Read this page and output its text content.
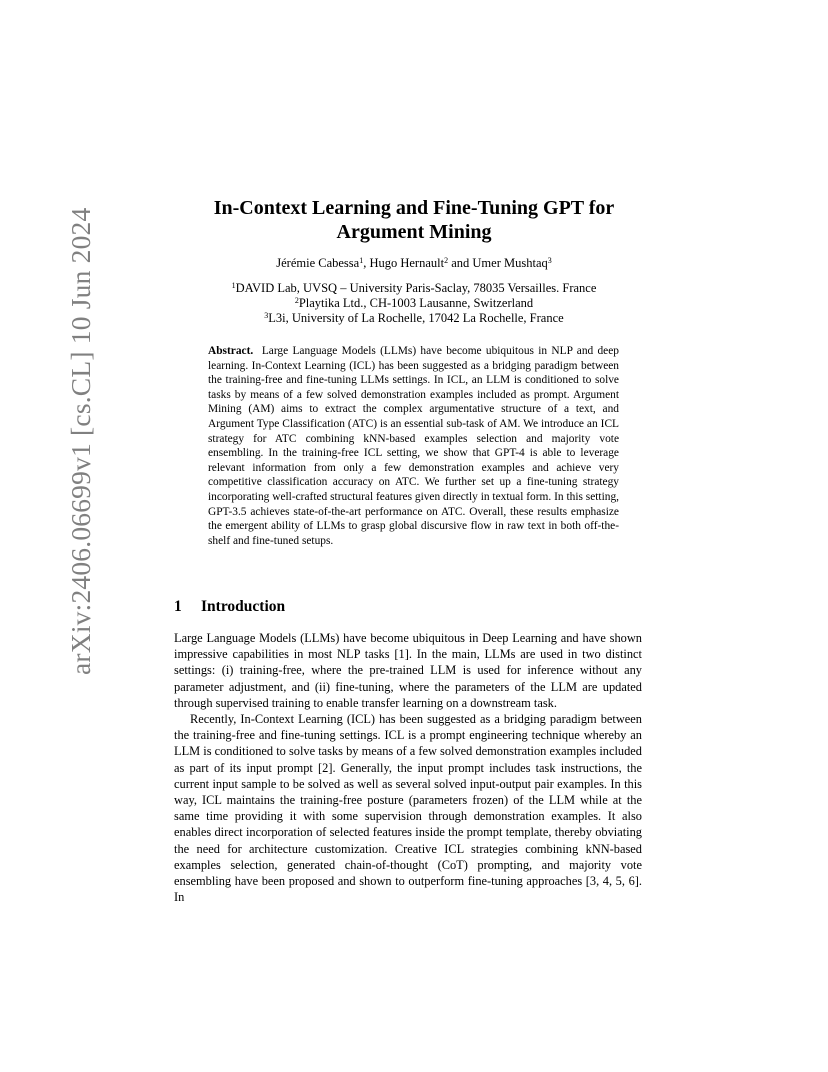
arXiv:2406.06699v1 [cs.CL] 10 Jun 2024	In-Context Learning and Fine-Tuning GPT for
Argument Mining
Jérémie Cabessa$^1$, Hugo Hernault$^2$ and Umer Mushtaq$^3$
$^1$DAVID Lab, UVSQ – University Paris-Saclay, 78035 Versailles. France
$^2$Playtika Ltd., CH-1003 Lausanne, Switzerland
$^3$L3i, University of La Rochelle, 17042 La Rochelle, France
Abstract. Large Language Models (LLMs) have become ubiquitous in NLP and deep learning. In-Context Learning (ICL) has been suggested as a bridging paradigm between the training-free and fine-tuning LLMs settings. In ICL, an LLM is conditioned to solve tasks by means of a few solved demonstration examples included as prompt. Argument Mining (AM) aims to extract the complex argumentative structure of a text, and Argument Type Classification (ATC) is an essential sub-task of AM. We introduce an ICL strategy for ATC combining kNN-based examples selection and majority vote ensembling. In the training-free ICL setting, we show that GPT-4 is able to leverage relevant information from only a few demonstration examples and achieve very competitive classification accuracy on ATC. We further set up a fine-tuning strategy incorporating well-crafted structural features given directly in textual form. In this setting, GPT-3.5 achieves state-of-the-art performance on ATC. Overall, these results emphasize the emergent ability of LLMs to grasp global discursive flow in raw text in both off-the-shelf and fine-tuned setups.
1 Introduction

Large Language Models (LLMs) have become ubiquitous in Deep Learning and have shown impressive capabilities in most NLP tasks [1]. In the main, LLMs are used in two distinct settings: (i) training-free, where the pre-trained LLM is used for inference without any parameter adjustment, and (ii) fine-tuning, where the parameters of the LLM are updated through supervised training to enable transfer learning on a downstream task.

Recently, In-Context Learning (ICL) has been suggested as a bridging paradigm between the training-free and fine-tuning settings. ICL is a prompt engineering technique whereby an LLM is conditioned to solve tasks by means of a few solved demonstration examples included as part of its input prompt [2]. Generally, the input prompt includes task instructions, the current input sample to be solved as well as several solved input-output pair examples. In this way, ICL maintains the training-free posture (parameters frozen) of the LLM while at the same time providing it with some supervision through demonstration examples. It also enables direct incorporation of selected features inside the prompt template, thereby obviating the need for architecture customization. Creative ICL strategies combining kNN-based examples selection, generated chain-of-thought (CoT) prompting, and majority vote ensembling have been proposed and shown to outperform fine-tuning approaches [3, 4, 5, 6]. In
